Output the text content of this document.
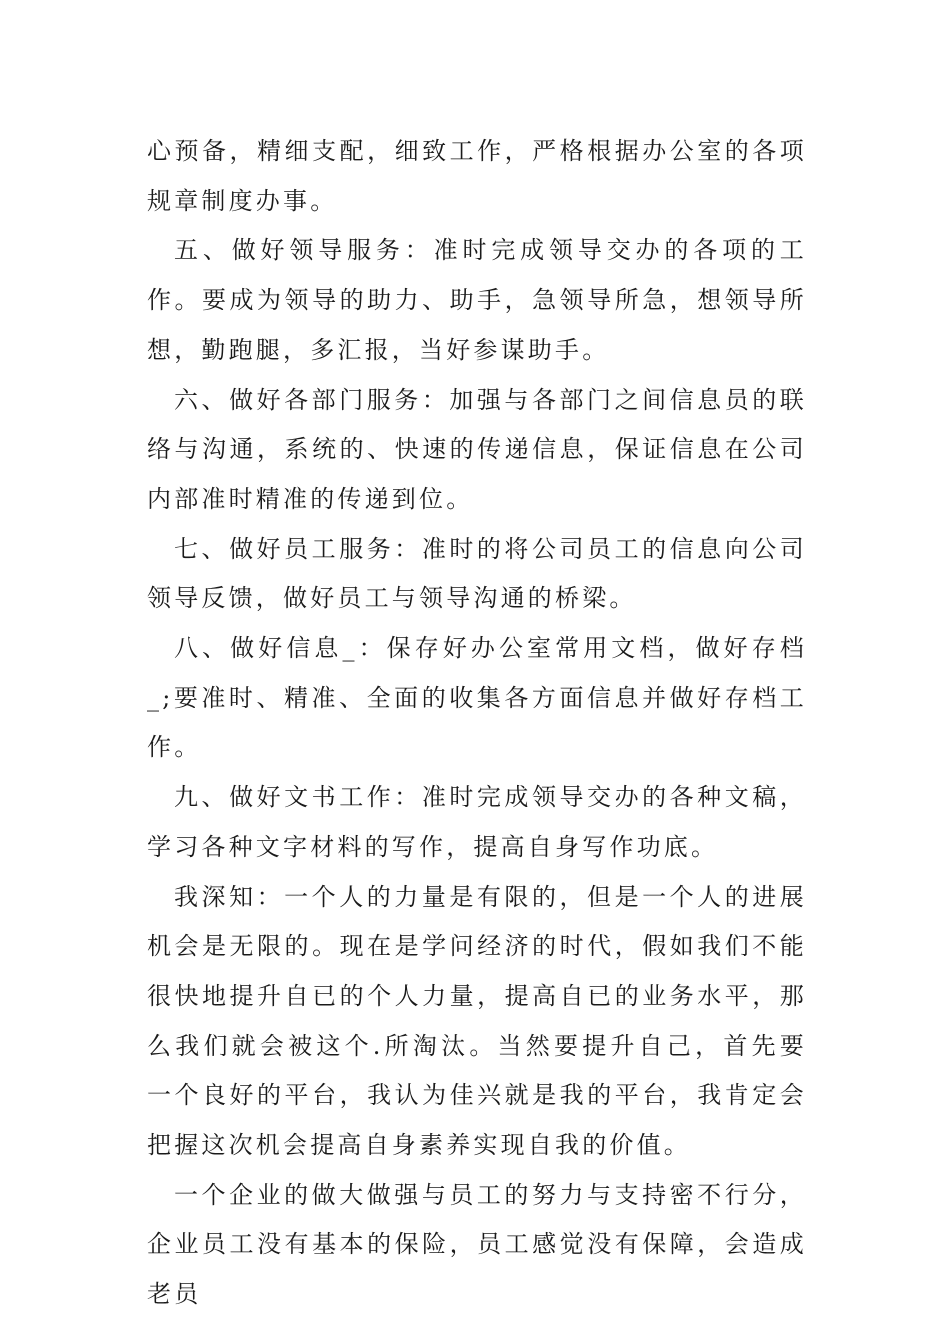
心预备，精细支配，细致工作，严格根据办公室的各项规章制度办事。

五、做好领导服务：准时完成领导交办的各项的工作。要成为领导的助力、助手，急领导所急，想领导所想，勤跑腿，多汇报，当好参谋助手。

六、做好各部门服务：加强与各部门之间信息员的联络与沟通，系统的、快速的传递信息，保证信息在公司内部准时精准的传递到位。

七、做好员工服务：准时的将公司员工的信息向公司领导反馈，做好员工与领导沟通的桥梁。

八、做好信息_：保存好办公室常用文档，做好存档_;要准时、精准、全面的收集各方面信息并做好存档工作。

九、做好文书工作：准时完成领导交办的各种文稿，学习各种文字材料的写作，提高自身写作功底。

我深知：一个人的力量是有限的，但是一个人的进展机会是无限的。现在是学问经济的时代，假如我们不能很快地提升自已的个人力量，提高自已的业务水平，那么我们就会被这个.所淘汰。当然要提升自己，首先要一个良好的平台，我认为佳兴就是我的平台，我肯定会把握这次机会提高自身素养实现自我的价值。

一个企业的做大做强与员工的努力与支持密不行分，企业员工没有基本的保险，员工感觉没有保障，会造成老员
